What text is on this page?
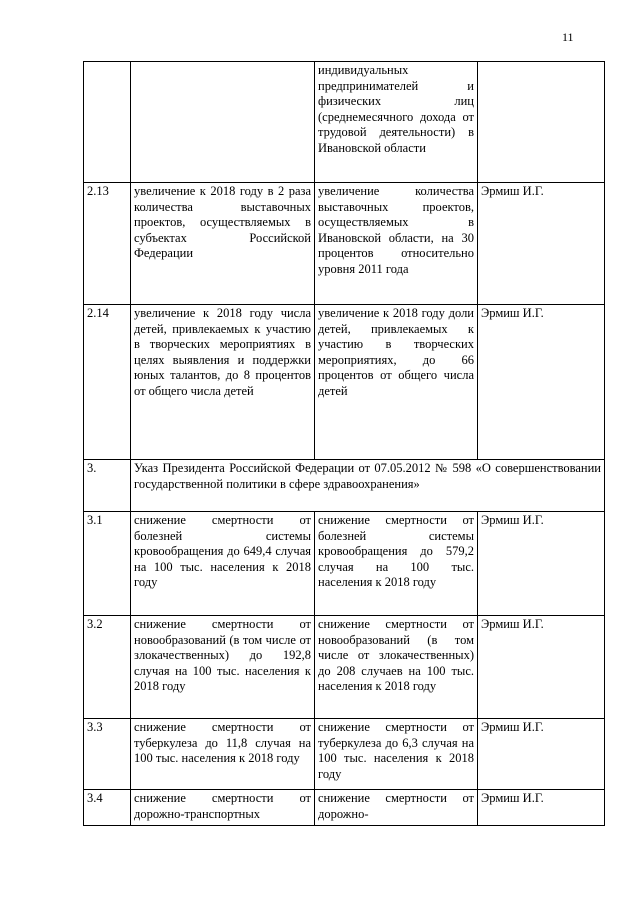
11
		индивидуальных предпринимателей и физических лиц (среднемесячного дохода от трудовой деятельности) в Ивановской области	
2.13	увеличение к 2018 году в 2 раза количества выставочных проектов, осуществляемых в субъектах Российской Федерации	увеличение количества выставочных проектов, осуществляемых в Ивановской области, на 30 процентов относительно уровня 2011 года	Эрмиш И.Г.
2.14	увеличение к 2018 году числа детей, привлекаемых к участию в творческих мероприятиях в целях выявления и поддержки юных талантов, до 8 процентов от общего числа детей	увеличение к 2018 году доли детей, привлекаемых к участию в творческих мероприятиях, до 66 процентов от общего числа детей	Эрмиш И.Г.
3.	Указ Президента Российской Федерации от 07.05.2012 № 598 «О совершенствовании государственной политики в сфере здравоохранения»		
3.1	снижение смертности от болезней системы кровообращения до 649,4 случая на 100 тыс. населения к 2018 году	снижение смертности от болезней системы кровообращения до 579,2 случая на 100 тыс. населения к 2018 году	Эрмиш И.Г.
3.2	снижение смертности от новообразований (в том числе от злокачественных) до 192,8 случая на 100 тыс. населения к 2018 году	снижение смертности от новообразований (в том числе от злокачественных) до 208 случаев на 100 тыс. населения к 2018 году	Эрмиш И.Г.
3.3	снижение смертности от туберкулеза до 11,8 случая на 100 тыс. населения к 2018 году	снижение смертности от туберкулеза до 6,3 случая на 100 тыс. населения к 2018 году	Эрмиш И.Г.
3.4	снижение смертности от дорожно-транспортных	снижение смертности от дорожно-	Эрмиш И.Г.
